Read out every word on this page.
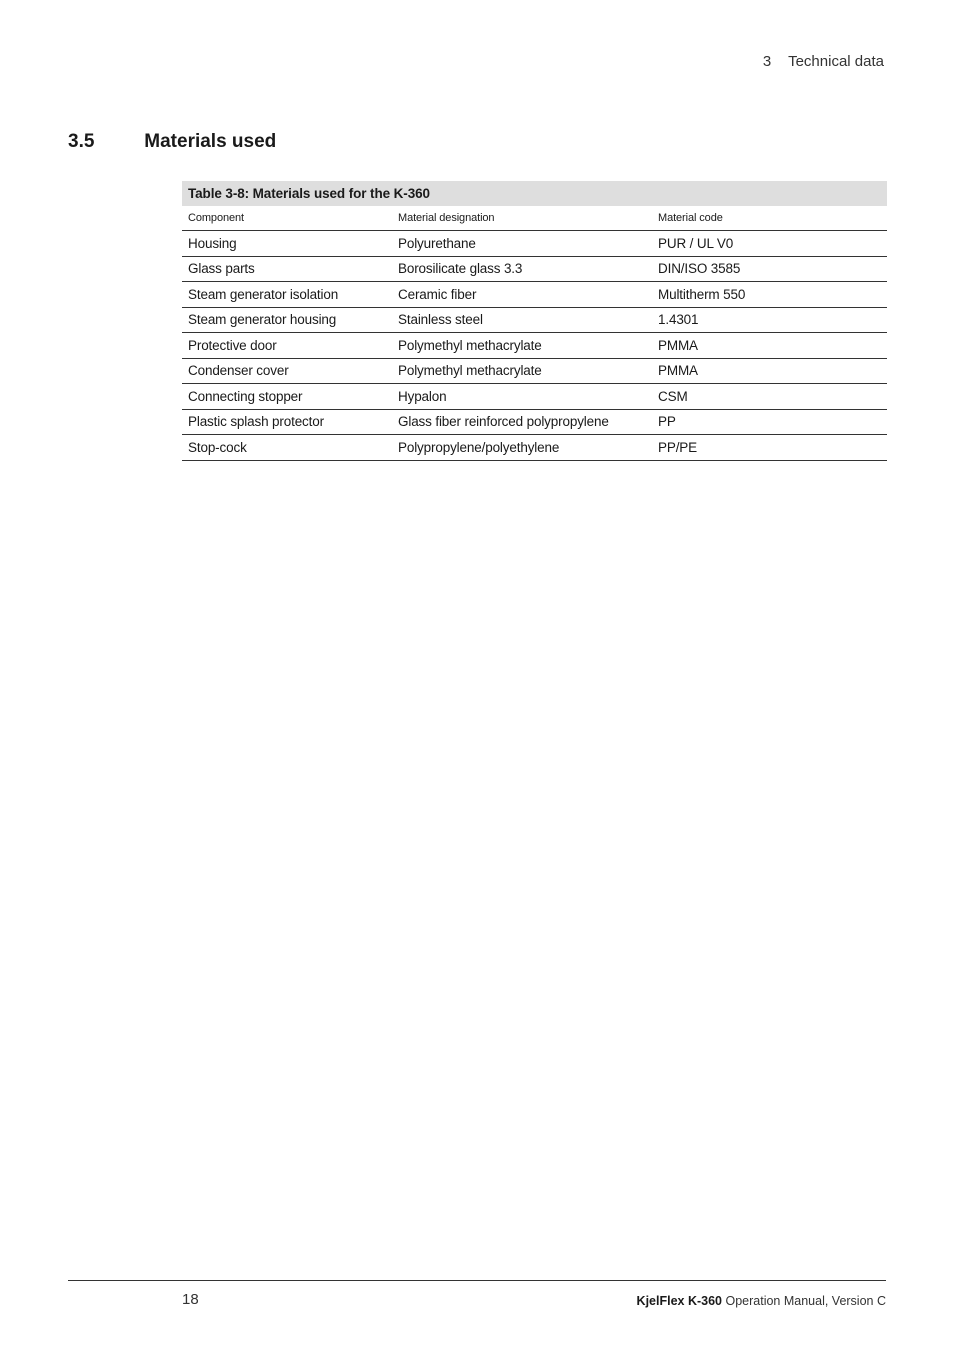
3 Technical data
3.5	Materials used
Table 3-8: Materials used for the K-360		
Component	Material designation	Material code
Housing	Polyurethane	PUR / UL V0
Glass parts	Borosilicate glass 3.3	DIN/ISO 3585
Steam generator isolation	Ceramic fiber	Multitherm 550
Steam generator housing	Stainless steel	1.4301
Protective door	Polymethyl methacrylate	PMMA
Condenser cover	Polymethyl methacrylate	PMMA
Connecting stopper	Hypalon	CSM
Plastic splash protector	Glass fiber reinforced polypropylene	PP
Stop-cock	Polypropylene/polyethylene	PP/PE
18	KjelFlex K-360 Operation Manual, Version C
